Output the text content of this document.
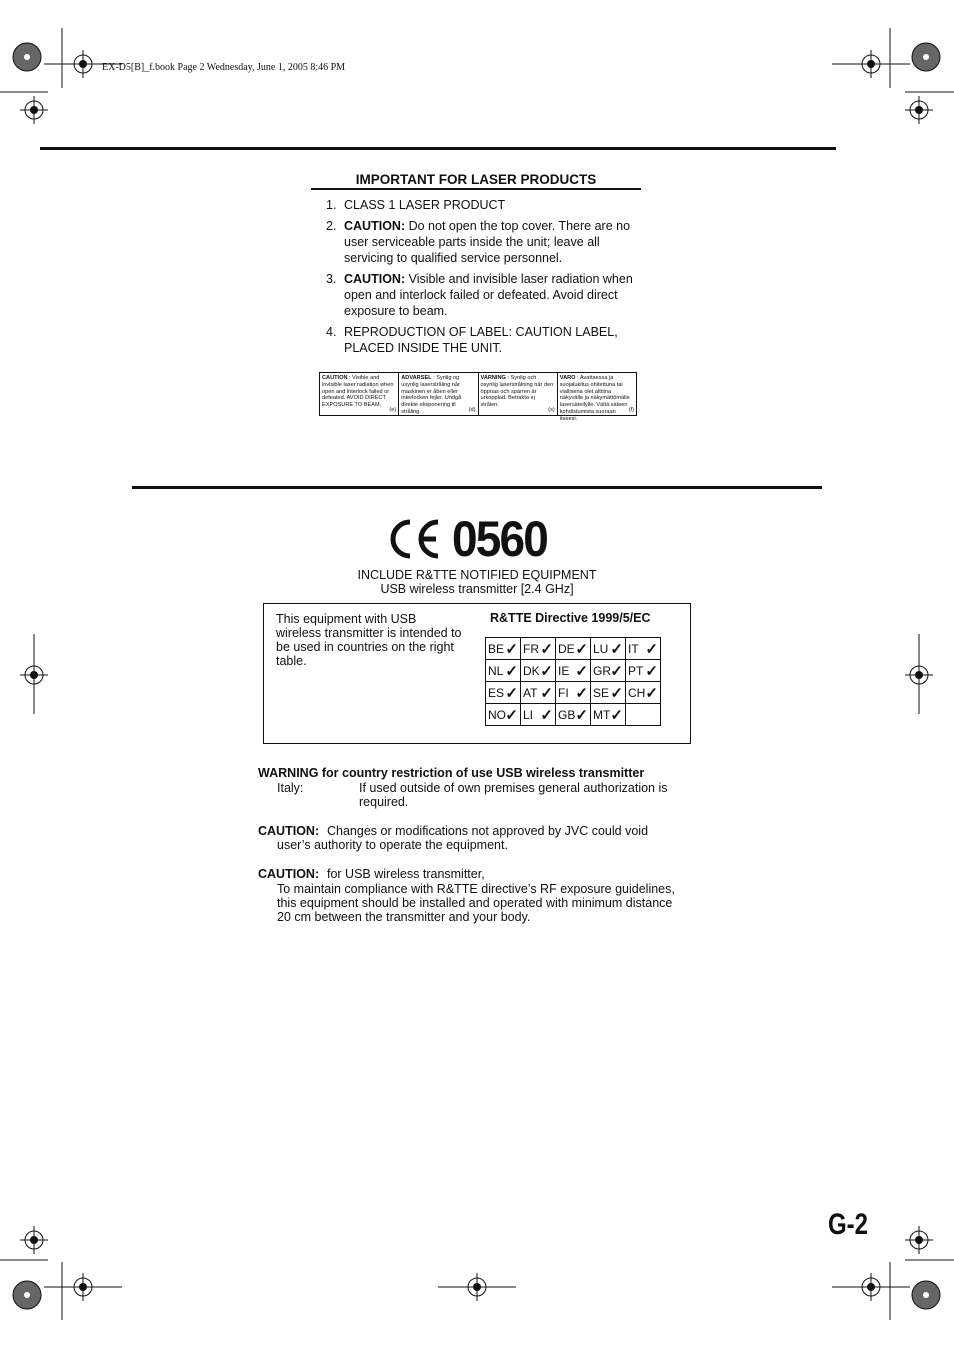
EX-D5[B]_f.book Page 2 Wednesday, June 1, 2005 8:46 PM
IMPORTANT FOR LASER PRODUCTS
1. CLASS 1 LASER PRODUCT
2. CAUTION: Do not open the top cover. There are no user serviceable parts inside the unit; leave all servicing to qualified service personnel.
3. CAUTION: Visible and invisible laser radiation when open and interlock failed or defeated. Avoid direct exposure to beam.
4. REPRODUCTION OF LABEL: CAUTION LABEL, PLACED INSIDE THE UNIT.
CAUTION : Visible and invisible laser radiation when open and interlock failed or defeated. AVOID DIRECT EXPOSURE TO BEAM.
(e)
ADVARSEL : Synlig og usynlig laserstråling når maskinen er åben eller interlocken fejler. Undgå direkte eksponering til stråling.	(d)
VARNING : Synlig och osynlig laserstrålning när den öppnas och spärren är urkopplad. Betrakta ej strålen.
(s)
VARO : Avattaessa ja suojalukitus ohitettuna tai viallisena olet alttiina näkyvälle ja näkymättömälle lasersäteilylle. Vältä säteen kohdistumista suoraan itseesi.
(f)
0560
INCLUDE R&TTE NOTIFIED EQUIPMENT
USB wireless transmitter [2.4 GHz]
This equipment with USB wireless transmitter is intended to be used in countries on the right table.
R&TTE Directive 1999/5/EC
BE ✓	FR ✓	DE ✓	LU ✓	IT ✓

NL ✓	DK ✓	IE ✓	GR ✓	PT ✓

ES ✓	AT ✓	FI ✓	SE ✓	CH ✓

NO ✓	LI ✓	GB ✓	MT ✓	

WARNING for country restriction of use USB wireless transmitter
Italy:	If used outside of own premises general authorization is required.
CAUTION: Changes or modifications not approved by JVC could void user’s authority to operate the equipment.
CAUTION: for USB wireless transmitter,
To maintain compliance with R&TTE directive’s RF exposure guidelines, this equipment should be installed and operated with minimum distance 20 cm between the transmitter and your body.
G-2
